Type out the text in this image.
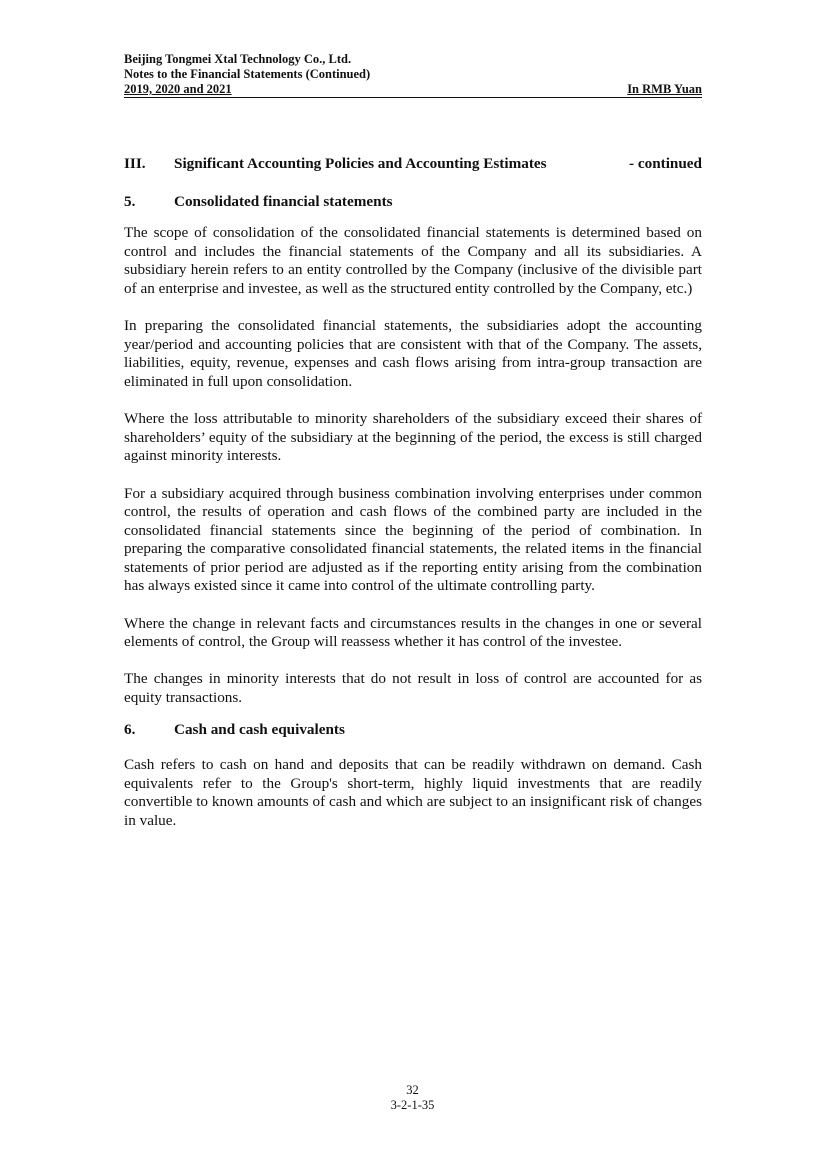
Beijing Tongmei Xtal Technology Co., Ltd.
Notes to the Financial Statements (Continued)
2019, 2020 and 2021	In RMB Yuan
III. Significant Accounting Policies and Accounting Estimates	- continued
5.	Consolidated financial statements

The scope of consolidation of the consolidated financial statements is determined based on control and includes the financial statements of the Company and all its subsidiaries. A subsidiary herein refers to an entity controlled by the Company (inclusive of the divisible part of an enterprise and investee, as well as the structured entity controlled by the Company, etc.)

In preparing the consolidated financial statements, the subsidiaries adopt the accounting year/period and accounting policies that are consistent with that of the Company. The assets, liabilities, equity, revenue, expenses and cash flows arising from intra-group transaction are eliminated in full upon consolidation.

Where the loss attributable to minority shareholders of the subsidiary exceed their shares of shareholders’ equity of the subsidiary at the beginning of the period, the excess is still charged against minority interests.

For a subsidiary acquired through business combination involving enterprises under common control, the results of operation and cash flows of the combined party are included in the consolidated financial statements since the beginning of the period of combination. In preparing the comparative consolidated financial statements, the related items in the financial statements of prior period are adjusted as if the reporting entity arising from the combination has always existed since it came into control of the ultimate controlling party.

Where the change in relevant facts and circumstances results in the changes in one or several elements of control, the Group will reassess whether it has control of the investee.

The changes in minority interests that do not result in loss of control are accounted for as equity transactions.

6.	Cash and cash equivalents

Cash refers to cash on hand and deposits that can be readily withdrawn on demand. Cash equivalents refer to the Group's short-term, highly liquid investments that are readily convertible to known amounts of cash and which are subject to an insignificant risk of changes in value.

32
3-2-1-35
